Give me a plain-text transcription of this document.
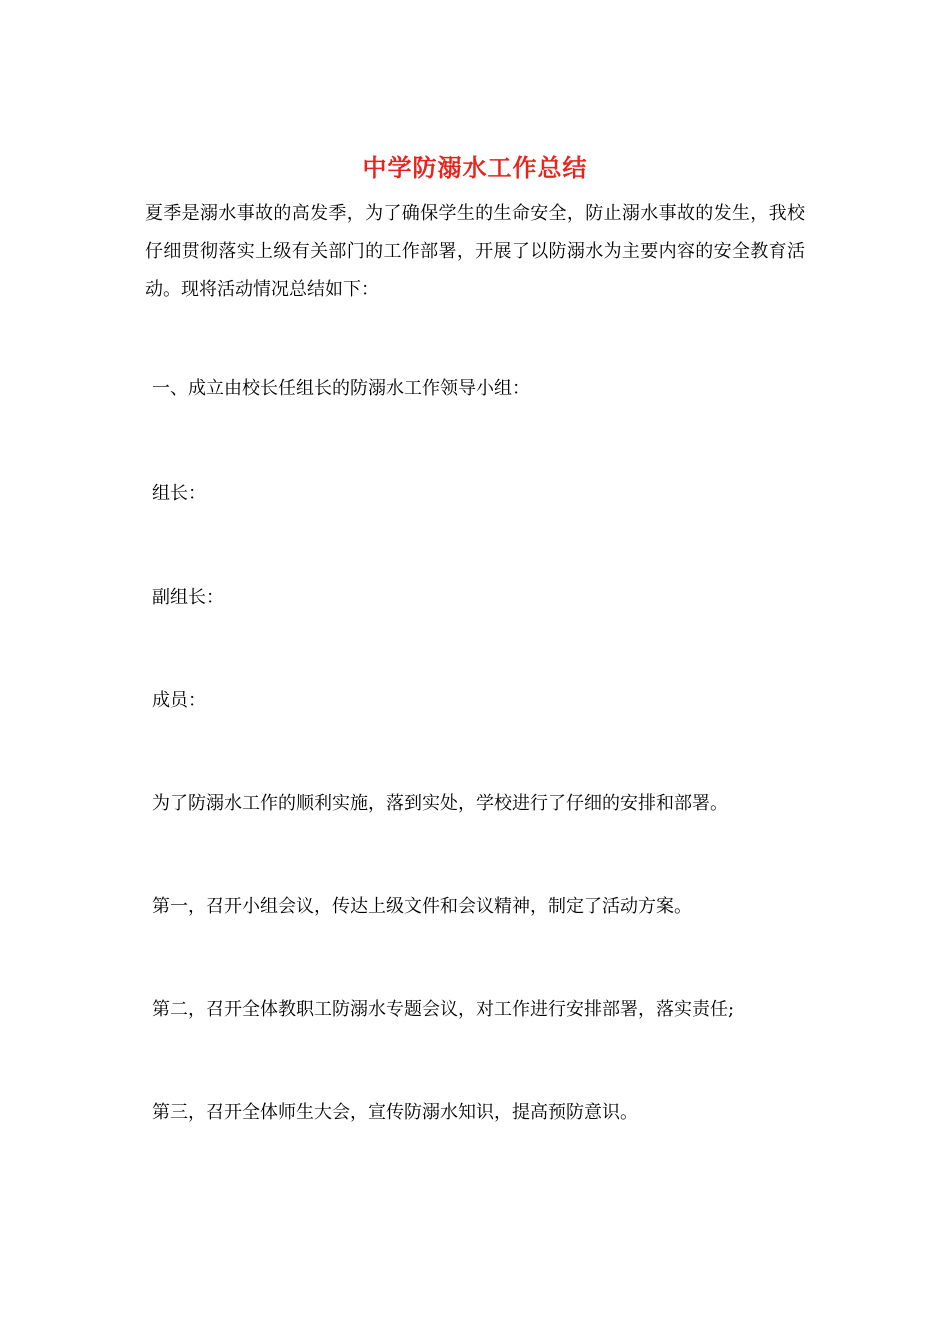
中学防溺水工作总结
夏季是溺水事故的高发季，为了确保学生的生命安全，防止溺水事故的发生，我校仔细贯彻落实上级有关部门的工作部署，开展了以防溺水为主要内容的安全教育活动。现将活动情况总结如下：
一、成立由校长任组长的防溺水工作领导小组：
组长：
副组长：
成员：
为了防溺水工作的顺利实施，落到实处，学校进行了仔细的安排和部署。
第一，召开小组会议，传达上级文件和会议精神，制定了活动方案。
第二，召开全体教职工防溺水专题会议，对工作进行安排部署，落实责任;
第三，召开全体师生大会，宣传防溺水知识，提高预防意识。
